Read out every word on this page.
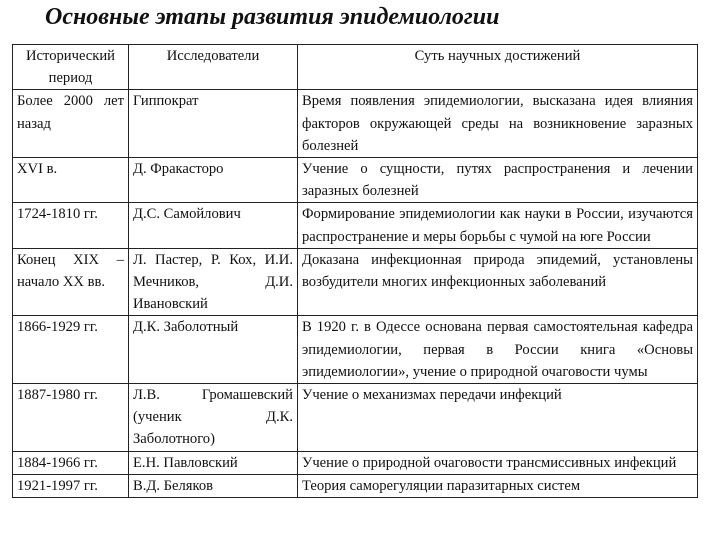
Основные этапы развития эпидемиологии
Исторический период	Исследователи	Суть научных достижений
Более 2000 лет назад	Гиппократ	Время появления эпидемиологии, высказана идея влияния факторов окружающей среды на возникновение заразных болезней
XVI в.	Д. Фракасторо	Учение о сущности, путях распространения и лечении заразных болезней
1724-1810 гг.	Д.С. Самойлович	Формирование эпидемиологии как науки в России, изучаются распространение и меры борьбы с чумой на юге России
Конец XIX – начало XX вв.	Л. Пастер, Р. Кох, И.И. Мечников, Д.И. Ивановский	Доказана инфекционная природа эпидемий, установлены возбудители многих инфекционных заболеваний
1866-1929 гг.	Д.К. Заболотный	В 1920 г. в Одессе основана первая самостоятельная кафедра эпидемиологии, первая в России книга «Основы эпидемиологии», учение о природной очаговости чумы
1887-1980 гг.	Л.В. Громашевский (ученик Д.К. Заболотного)	Учение о механизмах передачи инфекций
1884-1966 гг.	Е.Н. Павловский	Учение о природной очаговости трансмиссивных инфекций
1921-1997 гг.	В.Д. Беляков	Теория саморегуляции паразитарных систем
